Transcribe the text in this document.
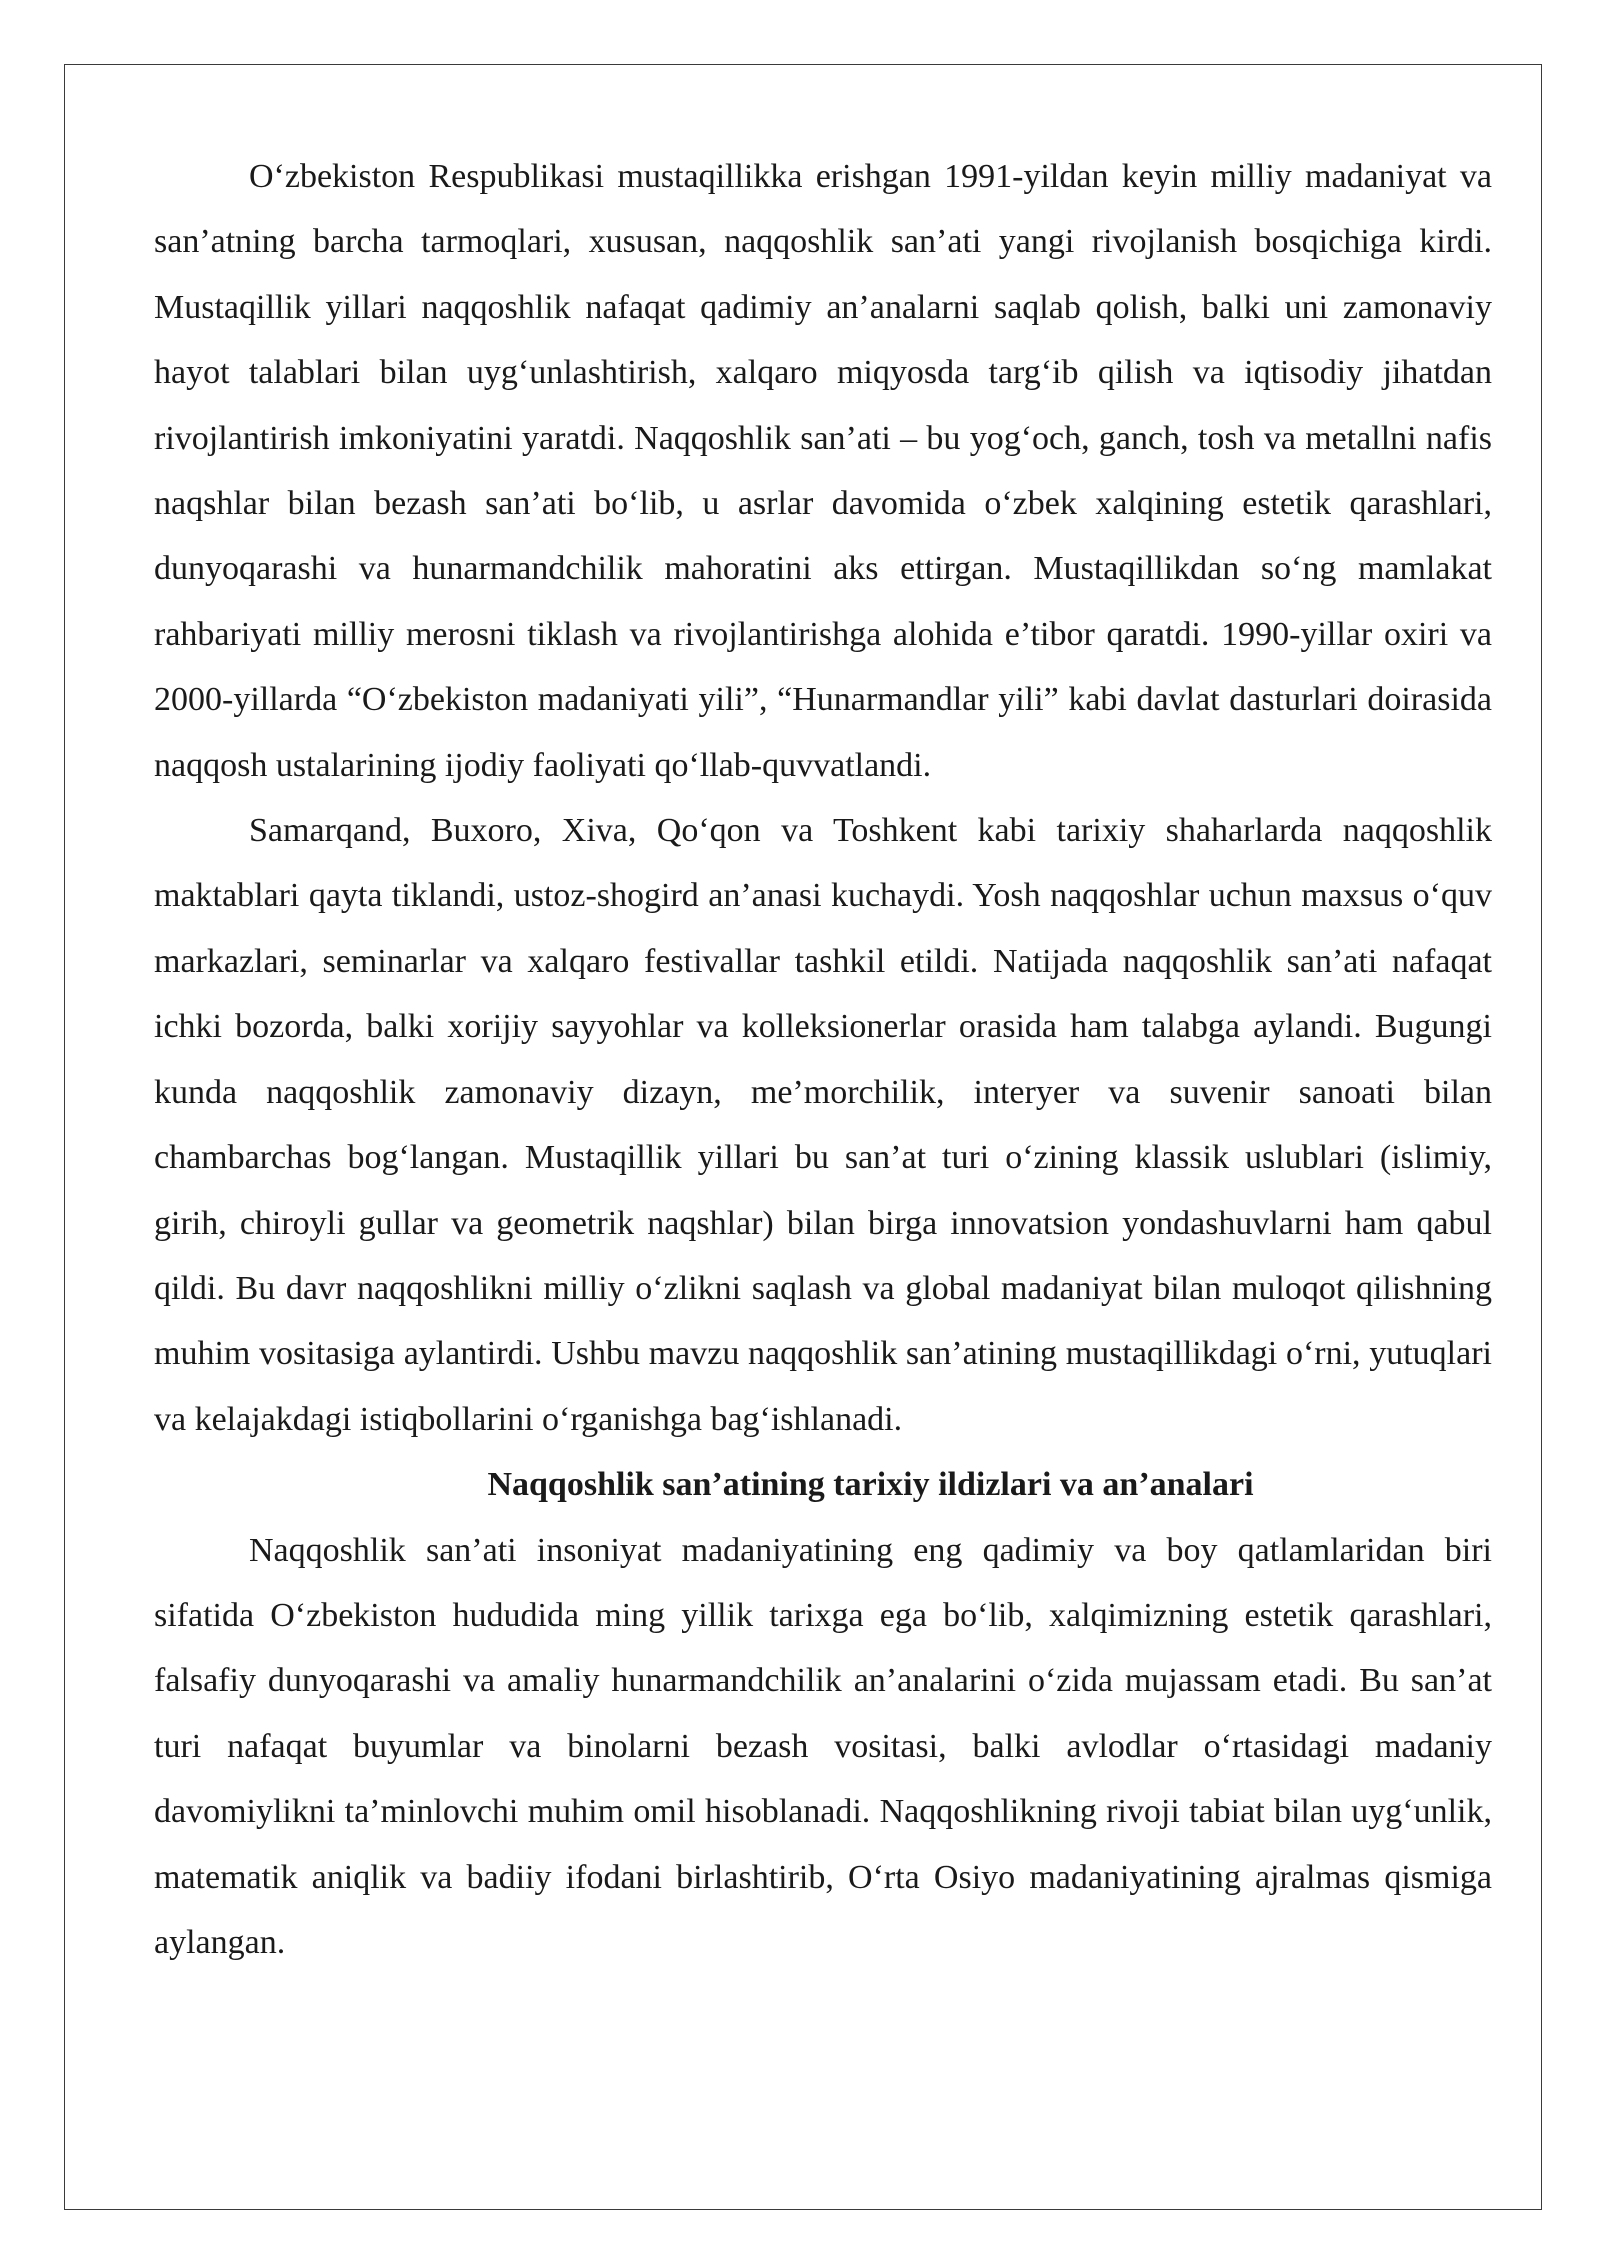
O‘zbekiston Respublikasi mustaqillikka erishgan 1991-yildan keyin milliy madaniyat va san’atning barcha tarmoqlari, xususan, naqqoshlik san’ati yangi rivojlanish bosqichiga kirdi. Mustaqillik yillari naqqoshlik nafaqat qadimiy an’analarni saqlab qolish, balki uni zamonaviy hayot talablari bilan uyg‘unlashtirish, xalqaro miqyosda targ‘ib qilish va iqtisodiy jihatdan rivojlantirish imkoniyatini yaratdi. Naqqoshlik san’ati – bu yog‘och, ganch, tosh va metallni nafis naqshlar bilan bezash san’ati bo‘lib, u asrlar davomida o‘zbek xalqining estetik qarashlari, dunyoqarashi va hunarmandchilik mahoratini aks ettirgan. Mustaqillikdan so‘ng mamlakat rahbariyati milliy merosni tiklash va rivojlantirishga alohida e’tibor qaratdi. 1990-yillar oxiri va 2000-yillarda “O‘zbekiston madaniyati yili”, “Hunarmandlar yili” kabi davlat dasturlari doirasida naqqosh ustalarining ijodiy faoliyati qo‘llab-quvvatlandi.

Samarqand, Buxoro, Xiva, Qo‘qon va Toshkent kabi tarixiy shaharlarda naqqoshlik maktablari qayta tiklandi, ustoz-shogird an’anasi kuchaydi. Yosh naqqoshlar uchun maxsus o‘quv markazlari, seminarlar va xalqaro festivallar tashkil etildi. Natijada naqqoshlik san’ati nafaqat ichki bozorda, balki xorijiy sayyohlar va kolleksionerlar orasida ham talabga aylandi. Bugungi kunda naqqoshlik zamonaviy dizayn, me’morchilik, interyer va suvenir sanoati bilan chambarchas bog‘langan. Mustaqillik yillari bu san’at turi o‘zining klassik uslublari (islimiy, girih, chiroyli gullar va geometrik naqshlar) bilan birga innovatsion yondashuvlarni ham qabul qildi. Bu davr naqqoshlikni milliy o‘zlikni saqlash va global madaniyat bilan muloqot qilishning muhim vositasiga aylantirdi. Ushbu mavzu naqqoshlik san’atining mustaqillikdagi o‘rni, yutuqlari va kelajakdagi istiqbollarini o‘rganishga bag‘ishlanadi.

Naqqoshlik san’atining tarixiy ildizlari va an’analari

Naqqoshlik san’ati insoniyat madaniyatining eng qadimiy va boy qatlamlaridan biri sifatida O‘zbekiston hududida ming yillik tarixga ega bo‘lib, xalqimizning estetik qarashlari, falsafiy dunyoqarashi va amaliy hunarmandchilik an’analarini o‘zida mujassam etadi. Bu san’at turi nafaqat buyumlar va binolarni bezash vositasi, balki avlodlar o‘rtasidagi madaniy davomiylikni ta’minlovchi muhim omil hisoblanadi. Naqqoshlikning rivoji tabiat bilan uyg‘unlik, matematik aniqlik va badiiy ifodani birlashtirib, O‘rta Osiyo madaniyatining ajralmas qismiga aylangan.
